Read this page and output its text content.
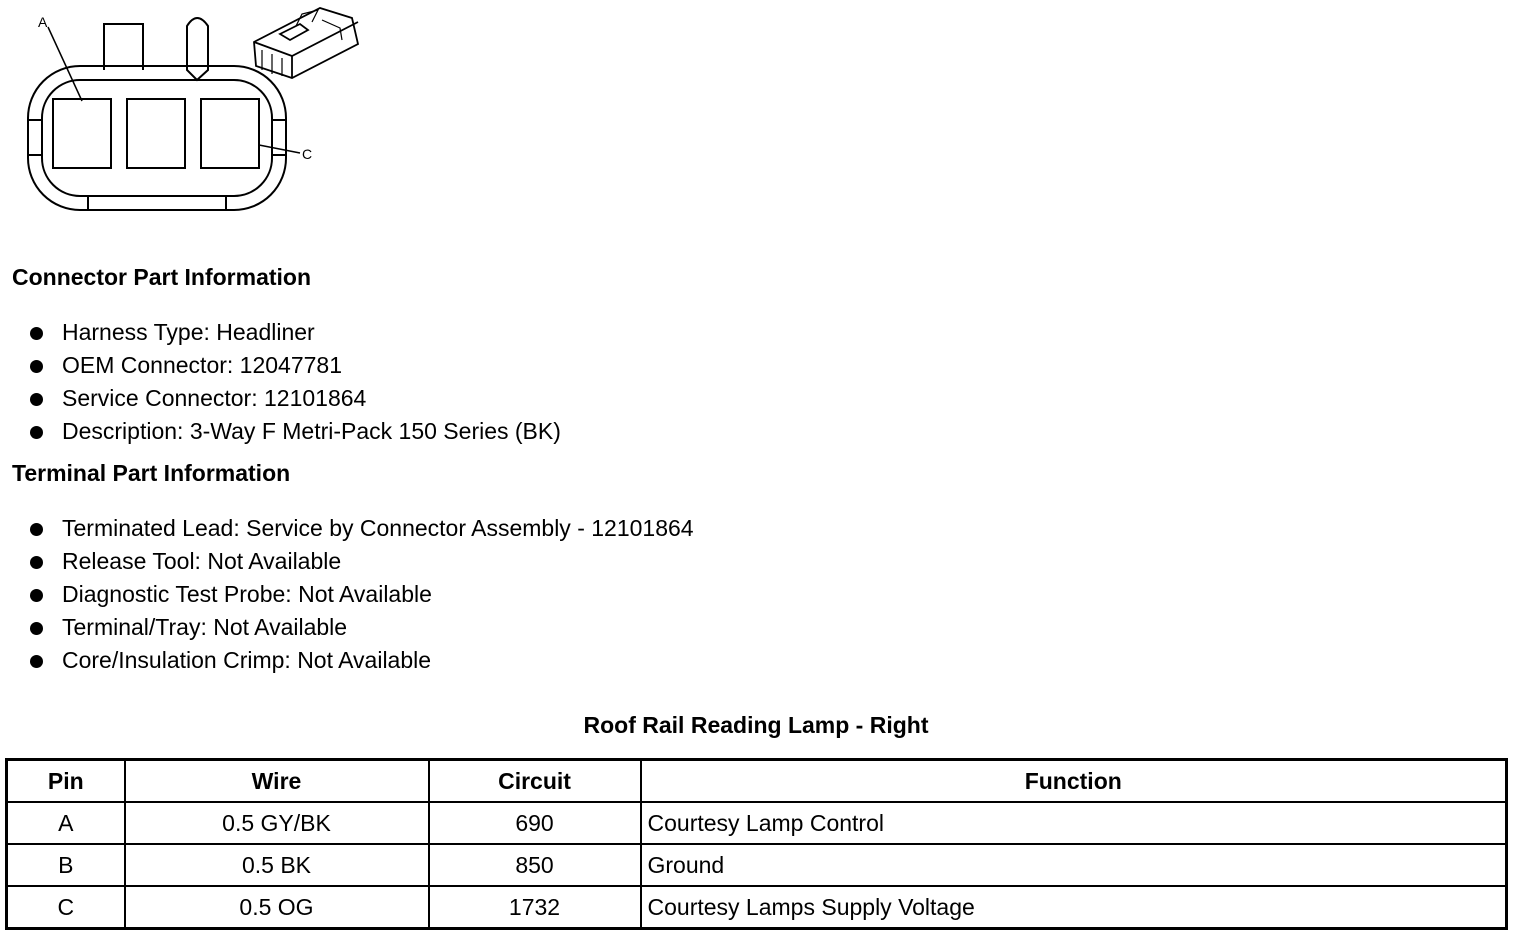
A
C
Connector Part Information
Harness Type: Headliner
OEM Connector: 12047781
Service Connector: 12101864
Description: 3-Way F Metri-Pack 150 Series (BK)
Terminal Part Information
Terminated Lead: Service by Connector Assembly - 12101864
Release Tool: Not Available
Diagnostic Test Probe: Not Available
Terminal/Tray: Not Available
Core/Insulation Crimp: Not Available
Roof Rail Reading Lamp - Right
Pin	Wire	Circuit	Function
A	0.5 GY/BK	690	Courtesy Lamp Control
B	0.5 BK	850	Ground
C	0.5 OG	1732	Courtesy Lamps Supply Voltage
